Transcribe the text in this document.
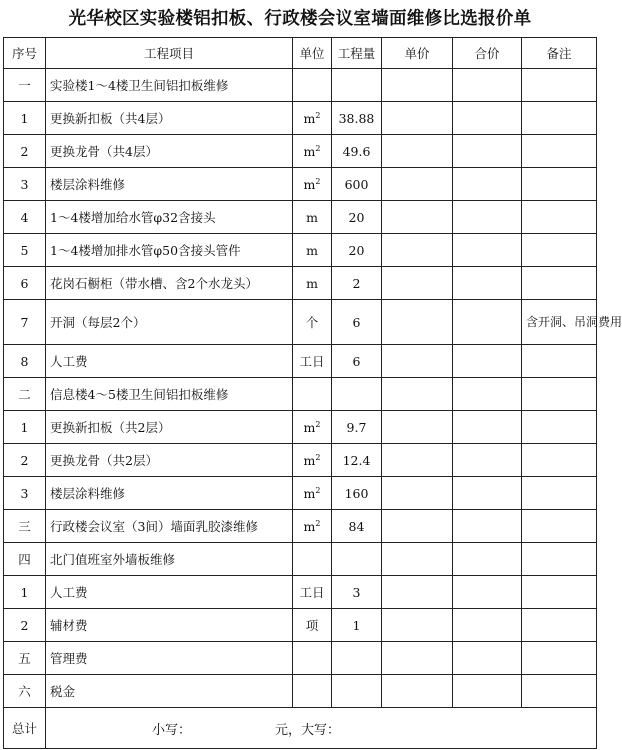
光华校区实验楼铝扣板、行政楼会议室墙面维修比选报价单
序号	工程项目	单位	工程量	单价	合价	备注
一	实验楼1～4楼卫生间铝扣板维修					
1	更换新扣板（共4层）	$m^2$	38.88			
2	更换龙骨（共4层）	$m^2$	49.6			
3	楼层涂料维修	$m^2$	600			
4	1～4楼增加给水管φ32含接头	m	20			
5	1～4楼增加排水管φ50含接头管件	m	20			
6	花岗石橱柜（带水槽、含2个水龙头）	m	2			
7	开洞（每层2个）	个	6			含开洞、吊洞费用
8	人工费	工日	6			
二	信息楼4～5楼卫生间铝扣板维修					
1	更换新扣板（共2层）	$m^2$	9.7			
2	更换龙骨（共2层）	$m^2$	12.4			
3	楼层涂料维修	$m^2$	160			
三	行政楼会议室（3间）墙面乳胶漆维修	$m^2$	84			
四	北门值班室外墙板维修					
1	人工费	工日	3			
2	辅材费	项	1			
五	管理费					
六	税金					
总计	小写： 元，大写：					
